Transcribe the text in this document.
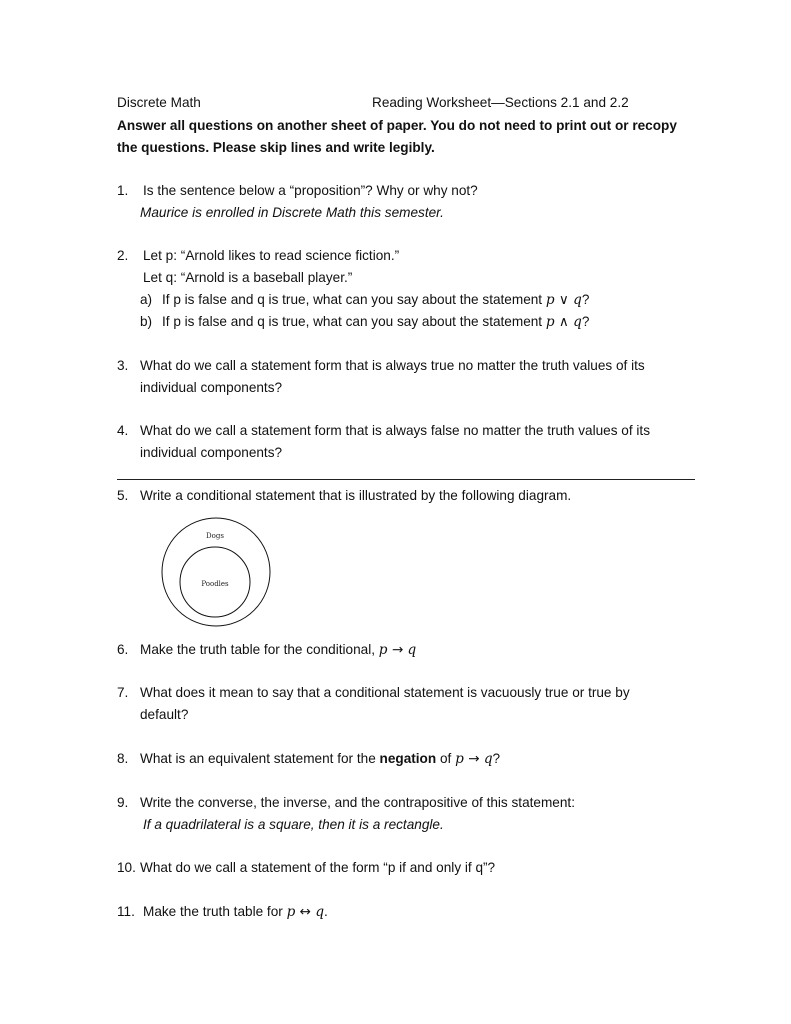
Discrete Math	Reading Worksheet—Sections 2.1 and 2.2
Answer all questions on another sheet of paper. You do not need to print out or recopy
the questions. Please skip lines and write legibly.
1. Is the sentence below a “proposition”? Why or why not?
Maurice is enrolled in Discrete Math this semester.
2. Let p: “Arnold likes to read science fiction.”
Let q: “Arnold is a baseball player.”
a) If p is false and q is true, what can you say about the statement p ∨ q?
b) If p is false and q is true, what can you say about the statement p ∧ q?
3. What do we call a statement form that is always true no matter the truth values of its
individual components?
4. What do we call a statement form that is always false no matter the truth values of its
individual components?
5. Write a conditional statement that is illustrated by the following diagram.
Dogs
Poodles
6. Make the truth table for the conditional, p → q
7. What does it mean to say that a conditional statement is vacuously true or true by
default?
8. What is an equivalent statement for the negation of p → q?
9. Write the converse, the inverse, and the contrapositive of this statement:
If a quadrilateral is a square, then it is a rectangle.
10. What do we call a statement of the form “p if and only if q”?
11. Make the truth table for p ↔ q.
